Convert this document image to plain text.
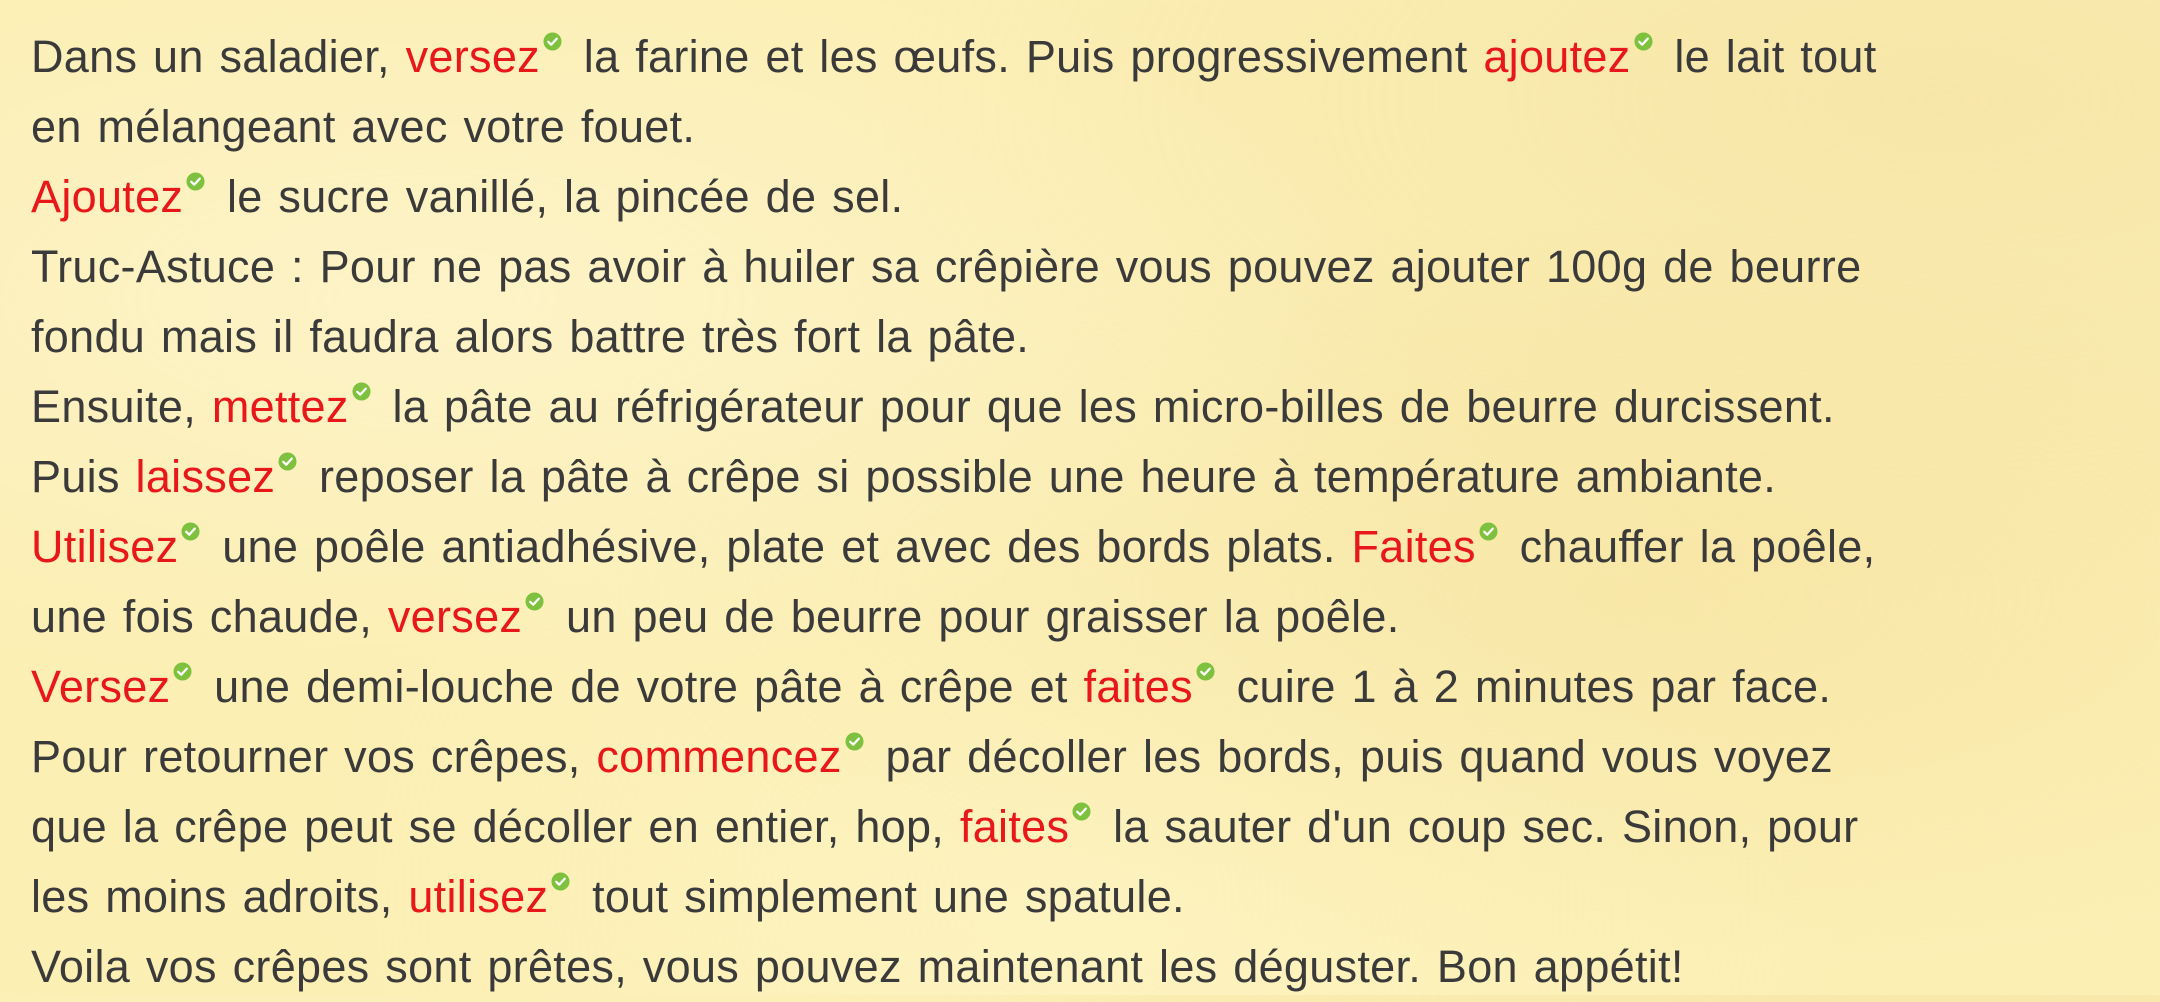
Dans un saladier, versez la farine et les œufs. Puis progressivement ajoutez le lait tout
en mélangeant avec votre fouet.
Ajoutez le sucre vanillé, la pincée de sel.
Truc-Astuce : Pour ne pas avoir à huiler sa crêpière vous pouvez ajouter 100g de beurre
fondu mais il faudra alors battre très fort la pâte.
Ensuite, mettez la pâte au réfrigérateur pour que les micro-billes de beurre durcissent.
Puis laissez reposer la pâte à crêpe si possible une heure à température ambiante.
Utilisez une poêle antiadhésive, plate et avec des bords plats. Faites chauffer la poêle,
une fois chaude, versez un peu de beurre pour graisser la poêle.
Versez une demi-louche de votre pâte à crêpe et faites cuire 1 à 2 minutes par face.
Pour retourner vos crêpes, commencez par décoller les bords, puis quand vous voyez
que la crêpe peut se décoller en entier, hop, faites la sauter d'un coup sec. Sinon, pour
les moins adroits, utilisez tout simplement une spatule.
Voila vos crêpes sont prêtes, vous pouvez maintenant les déguster. Bon appétit!
